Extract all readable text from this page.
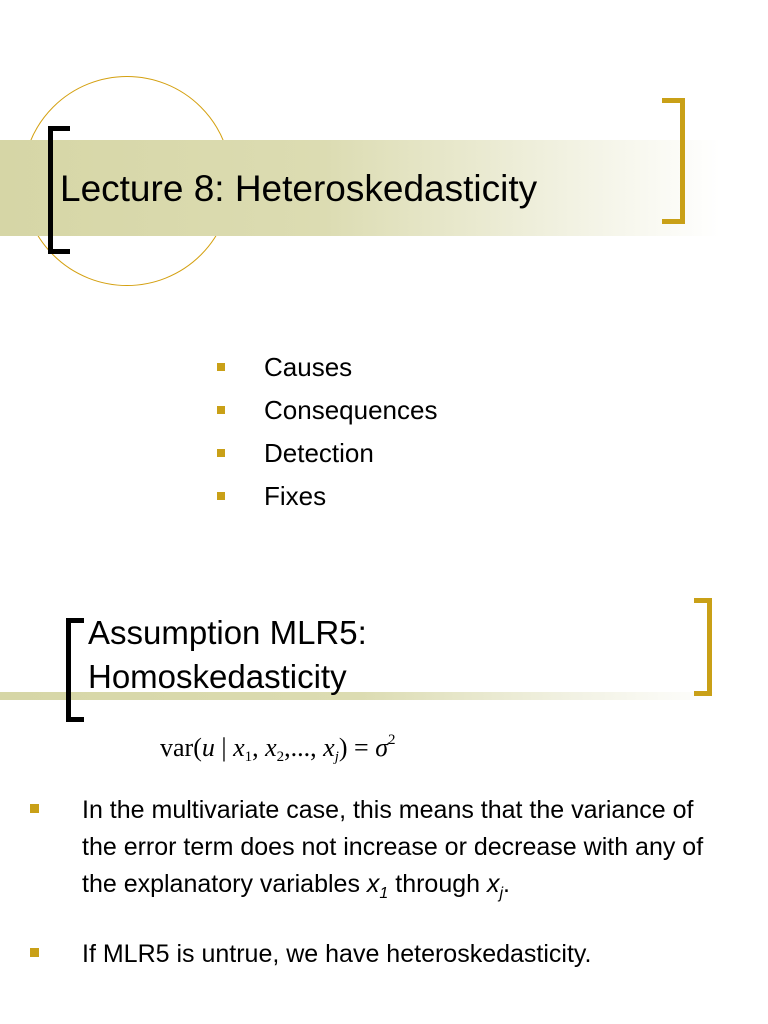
Lecture 8: Heteroskedasticity
Causes
Consequences
Detection
Fixes
Assumption MLR5:
Homoskedasticity
var(u | $x_1$, $x_2$,..., $x_j) = \sigma^2$
In the multivariate case, this means that the variance of the error term does not increase or decrease with any of the explanatory variables $x_1$ through $x_j$.
If MLR5 is untrue, we have heteroskedasticity.
